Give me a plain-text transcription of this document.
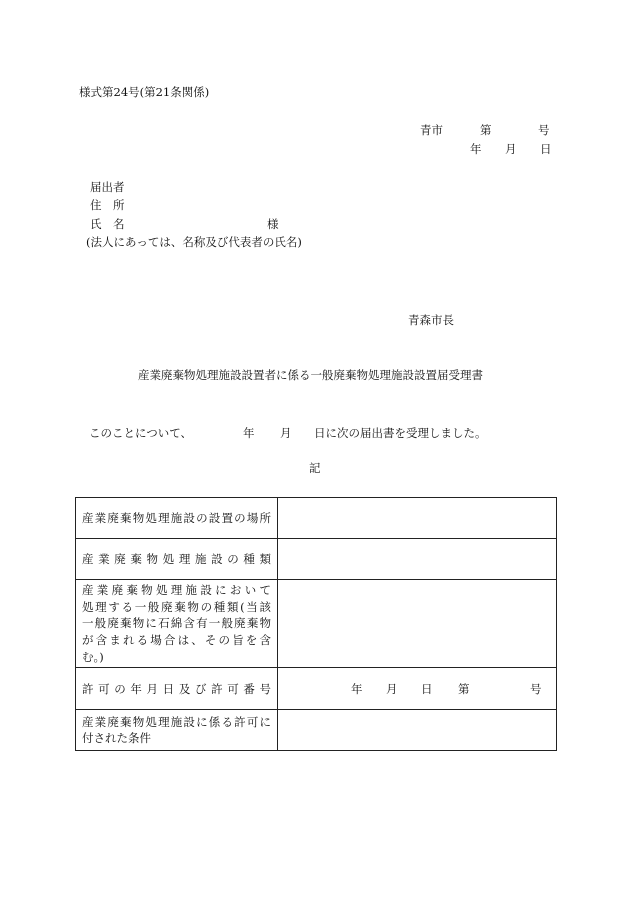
様式第24号(第21条関係)
青市	第	号
年 月 日
届出者
住 所
氏 名	様
(法人にあっては、名称及び代表者の氏名)
青森市長
産業廃棄物処理施設設置者に係る一般廃棄物処理施設設置届受理書
このことについて、	年 月 日に次の届出書を受理しました。
記
産業廃棄物処理施設の設置の場所	

産業廃棄物処理施設の種類	

産業廃棄物処理施設において
処理する一般廃棄物の種類(当該
一般廃棄物に石綿含有一般廃棄物
が含まれる場合は、その旨を含
む。)	

許可の年月日及び許可番号	年 月 日 第 号

産業廃棄物処理施設に係る許可に
付された条件	
